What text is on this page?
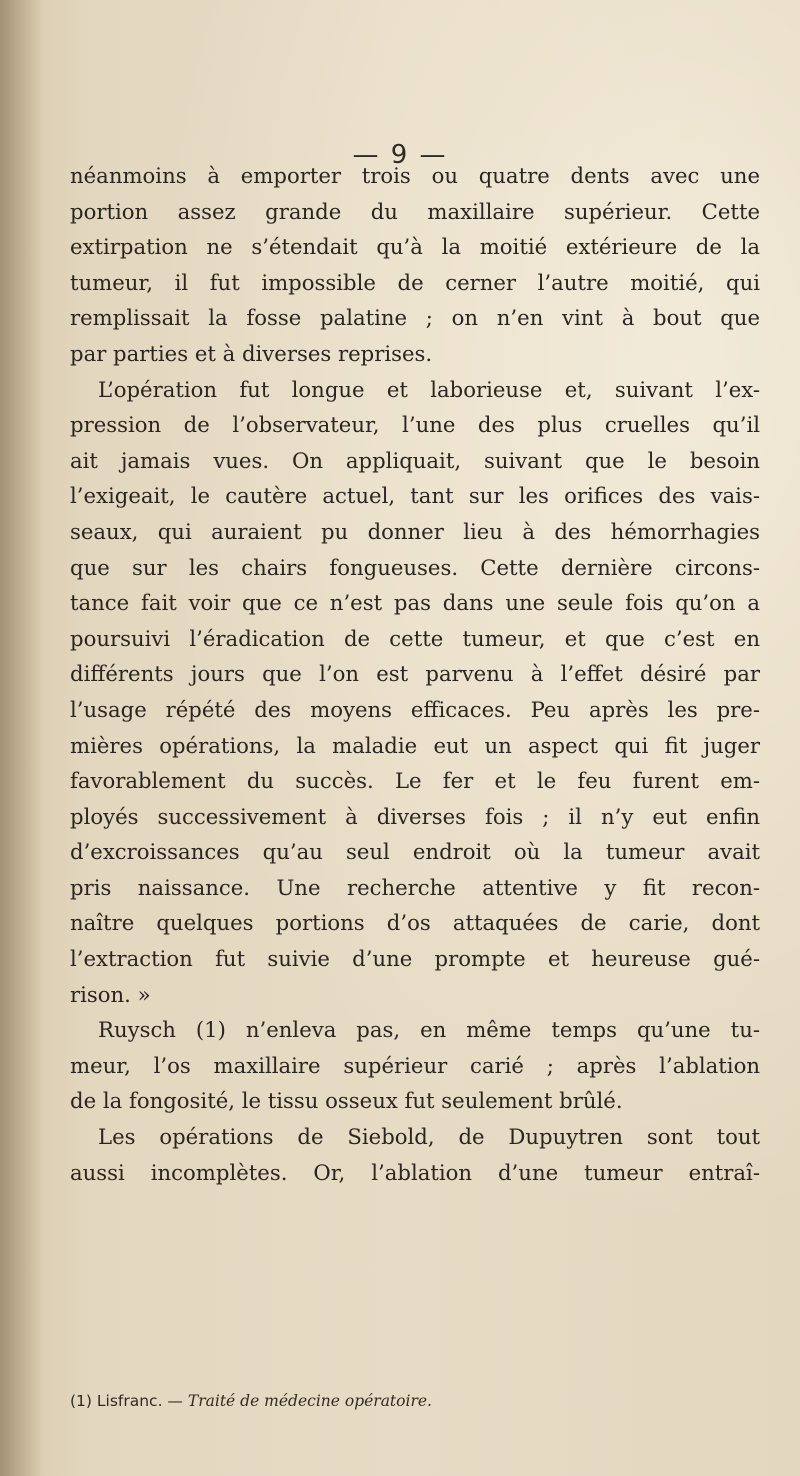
— 9 —
néanmoins à emporter trois ou quatre dents avec une
portion assez grande du maxillaire supérieur. Cette
extirpation ne s’étendait qu’à la moitié extérieure de la
tumeur, il fut impossible de cerner l’autre moitié, qui
remplissait la fosse palatine ; on n’en vint à bout que
par parties et à diverses reprises.
L’opération fut longue et laborieuse et, suivant l’ex-
pression de l’observateur, l’une des plus cruelles qu’il
ait jamais vues. On appliquait, suivant que le besoin
l’exigeait, le cautère actuel, tant sur les orifices des vais-
seaux, qui auraient pu donner lieu à des hémorrhagies
que sur les chairs fongueuses. Cette dernière circons-
tance fait voir que ce n’est pas dans une seule fois qu’on a
poursuivi l’éradication de cette tumeur, et que c’est en
différents jours que l’on est parvenu à l’effet désiré par
l’usage répété des moyens efficaces. Peu après les pre-
mières opérations, la maladie eut un aspect qui fit juger
favorablement du succès. Le fer et le feu furent em-
ployés successivement à diverses fois ; il n’y eut enfin
d’excroissances qu’au seul endroit où la tumeur avait
pris naissance. Une recherche attentive y fit recon-
naître quelques portions d’os attaquées de carie, dont
l’extraction fut suivie d’une prompte et heureuse gué-
rison. »
Ruysch (1) n’enleva pas, en même temps qu’une tu-
meur, l’os maxillaire supérieur carié ; après l’ablation
de la fongosité, le tissu osseux fut seulement brûlé.
Les opérations de Siebold, de Dupuytren sont tout
aussi incomplètes. Or, l’ablation d’une tumeur entraî-
(1) Lisfranc. — Traité de médecine opératoire.
